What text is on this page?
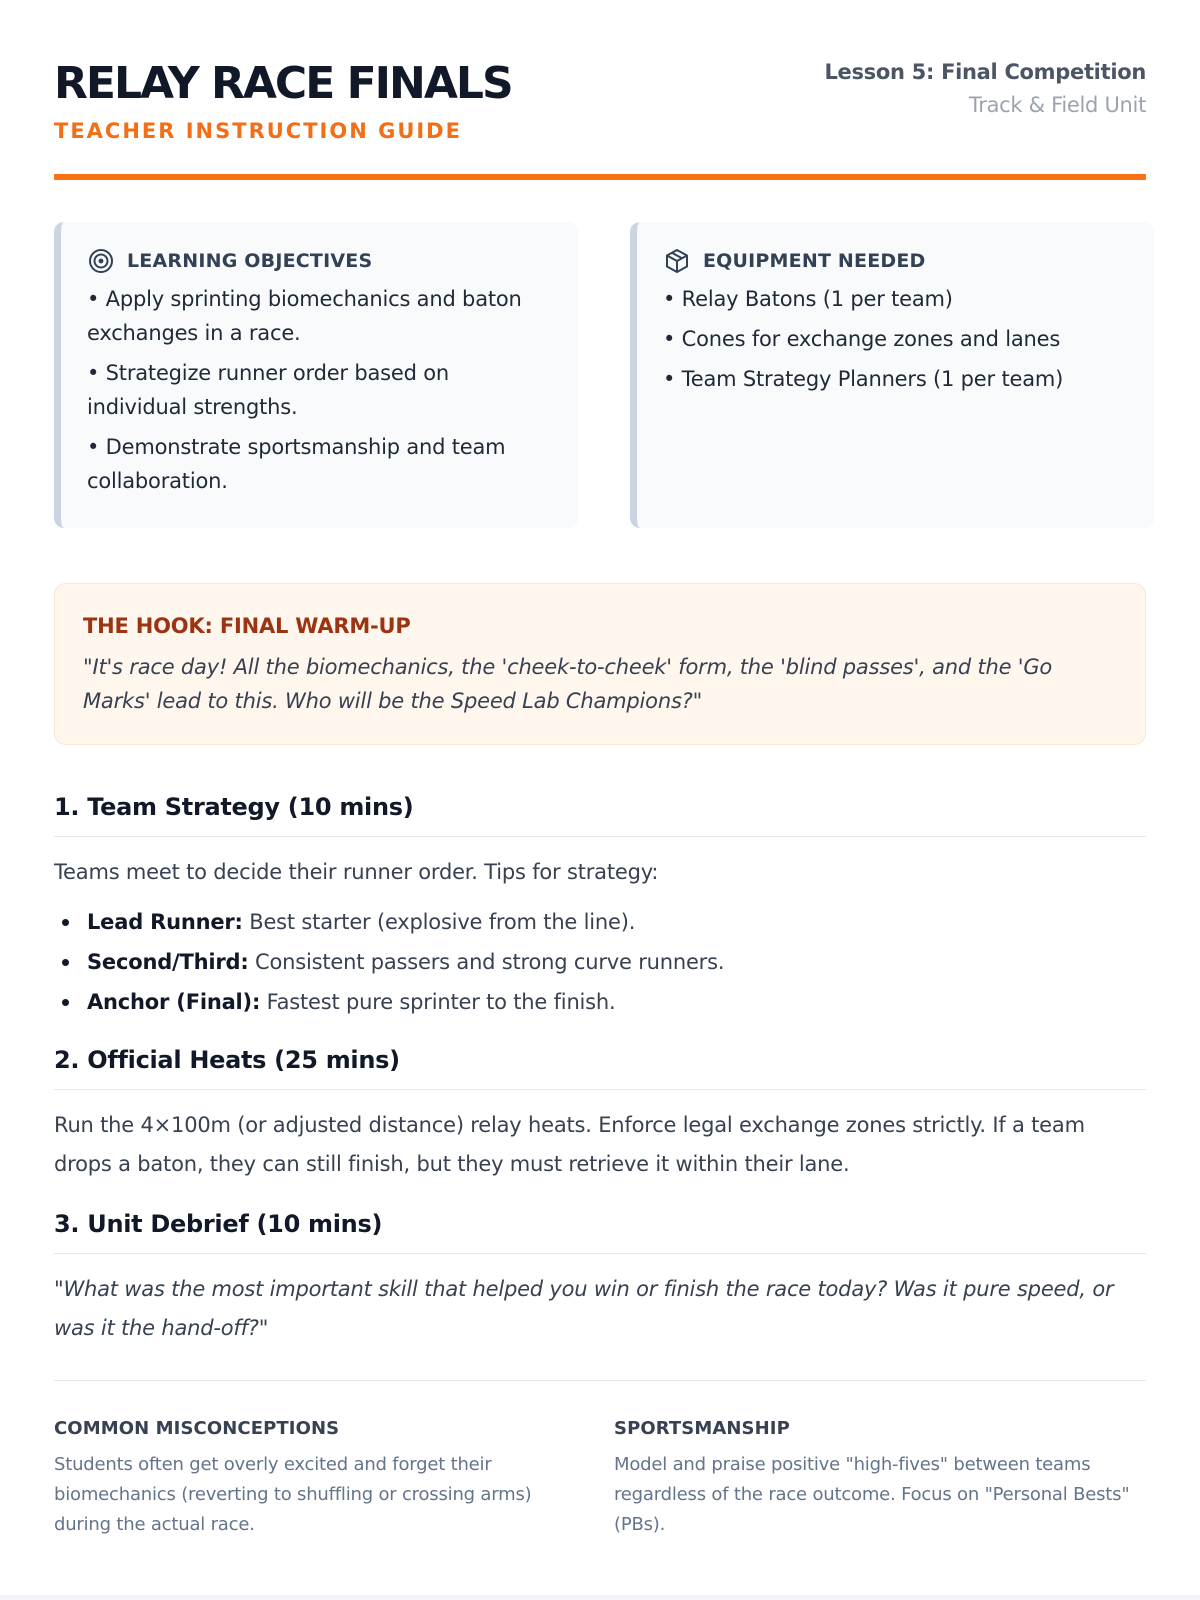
RELAY RACE FINALS
TEACHER INSTRUCTION GUIDE
Lesson 5: Final Competition
Track & Field Unit
LEARNING OBJECTIVES
• Apply sprinting biomechanics and baton exchanges in a race.
• Strategize runner order based on individual strengths.
• Demonstrate sportsmanship and team collaboration.
EQUIPMENT NEEDED
• Relay Batons (1 per team)
• Cones for exchange zones and lanes
• Team Strategy Planners (1 per team)
THE HOOK: FINAL WARM-UP

"It's race day! All the biomechanics, the 'cheek-to-cheek' form, the 'blind passes', and the 'Go Marks' lead to this. Who will be the Speed Lab Champions?"

1. Team Strategy (10 mins)

Teams meet to decide their runner order. Tips for strategy:

Lead Runner: Best starter (explosive from the line).
Second/Third: Consistent passers and strong curve runners.
Anchor (Final): Fastest pure sprinter to the finish.
2. Official Heats (25 mins)

Run the 4×100m (or adjusted distance) relay heats. Enforce legal exchange zones strictly. If a team drops a baton, they can still finish, but they must retrieve it within their lane.

3. Unit Debrief (10 mins)

"What was the most important skill that helped you win or finish the race today? Was it pure speed, or was it the hand-off?"

COMMON MISCONCEPTIONS

Students often get overly excited and forget their biomechanics (reverting to shuffling or crossing arms) during the actual race.

SPORTSMANSHIP

Model and praise positive "high-fives" between teams regardless of the race outcome. Focus on "Personal Bests" (PBs).
